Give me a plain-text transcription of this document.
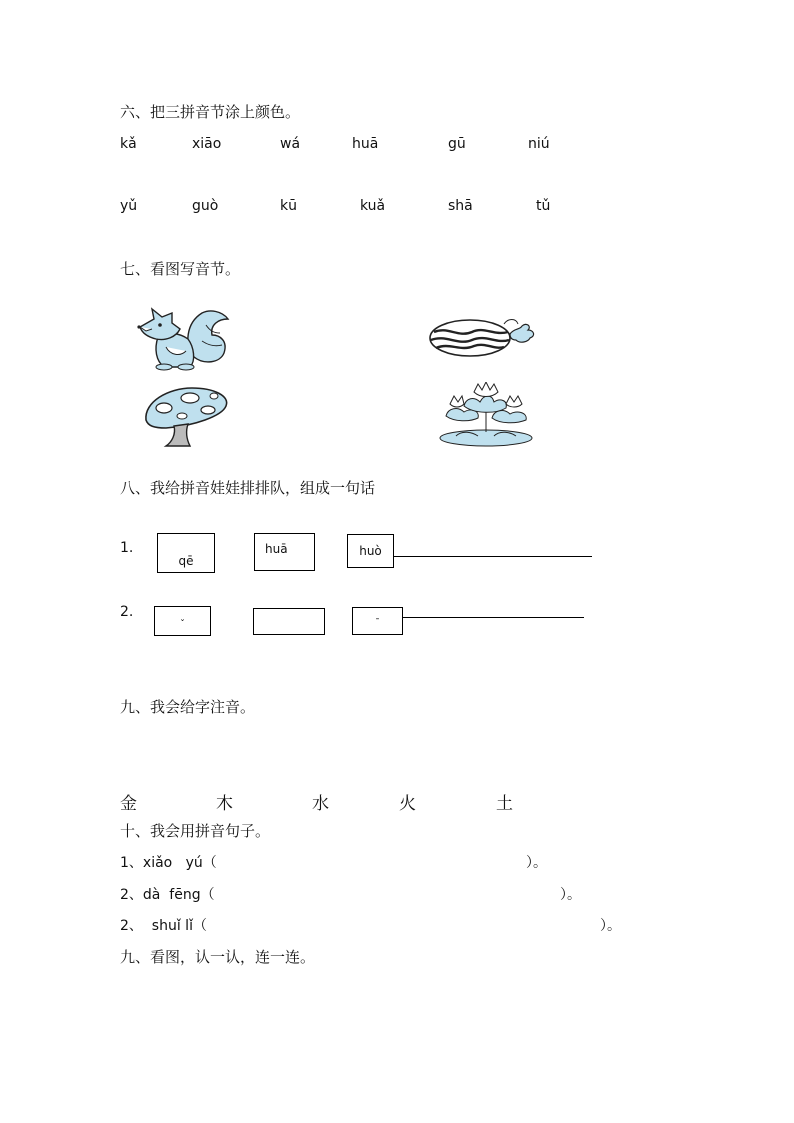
六、把三拼音节涂上颜色。
kǎ	xiāo	wá	huā	gū	niú
yǔ	guò	kū	kuǎ	shā	tǔ
七、看图写音节。
八、我给拼音娃娃排排队，组成一句话
1.
qē
huā	huò
2.
ˇ	ˉ
九、我会给字注音。
金	木	水	火	土
十、我会用拼音句子。
1、xiǎo   yú（	）。
2、dà  fēng（	）。
2、  shuǐ lǐ（	）。
九、看图，认一认，连一连。
